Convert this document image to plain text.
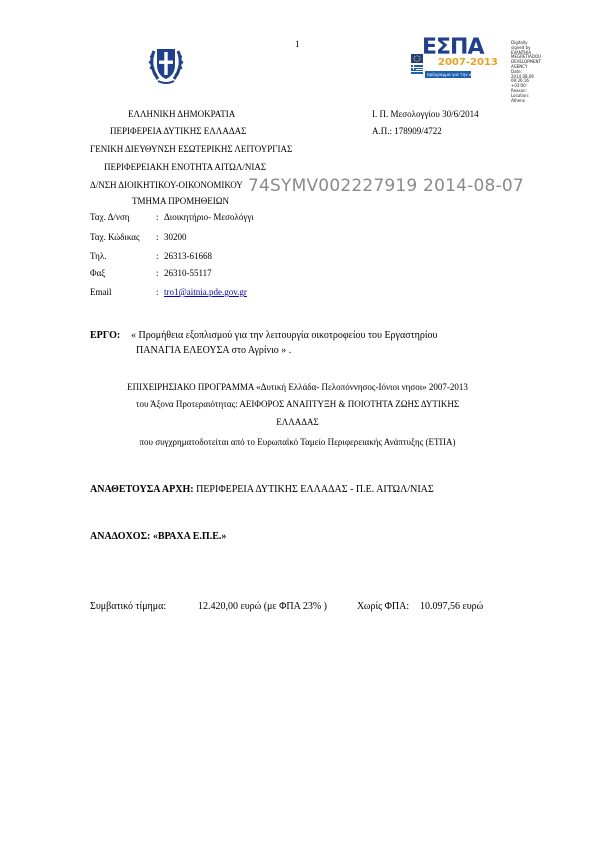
1	ΕΣΠΑ
2007-2013
πρόγραμμα για την ανάπτυξη
Digitally signed by
EVANTHIA MEGRETIADOU DEVELOPMENT AGENCY
Date: 2014.08.06 09:26:16 +03'00'
Reason:
Location: Athens
ΕΛΛΗΝΙΚΗ ΔΗΜΟΚΡΑΤΙΑ
ΠΕΡΙΦΕΡΕΙΑ ΔΥΤΙΚΗΣ ΕΛΛΑΔΑΣ
ΓΕΝΙΚΗ ΔΙΕΥΘΥΝΣΗ ΕΣΩΤΕΡΙΚΗΣ ΛΕΙΤΟΥΡΓΙΑΣ
ΠΕΡΙΦΕΡΕΙΑΚΗ ΕΝΟΤΗΤΑ ΑΙΤΩΛ/ΝΙΑΣ
Δ/ΝΣΗ ΔΙΟΙΚΗΤΙΚΟΥ-ΟΙΚΟΝΟΜΙΚΟΥ
ΤΜΗΜΑ ΠΡΟΜΗΘΕΙΩΝ
Ι. Π. Μεσολογγίου 30/6/2014
Α.Π.: 178909/4722
74SYMV002227919 2014-08-07
Ταχ. Δ/νση	: Διοικητήριο- Μεσολόγγι
Ταχ. Κώδικας : 30200
Τηλ.	: 26313-61668
Φαξ	: 26310-55117
Email	: tro1@aitnia.pde.gov.gr
ΕΡΓΟ: « Προμήθεια εξοπλισμού για την λειτουργία οικοτροφείου του Εργαστηρίου
ΠΑΝΑΓΙΑ ΕΛΕΟΥΣΑ στο Αγρίνιο » .
ΕΠΙΧΕΙΡΗΣΙΑΚΟ ΠΡΟΓΡΑΜΜΑ «Δυτική Ελλάδα- Πελοπόννησος-Ιόνιοι νησοι» 2007-2013
του Άξονα Προτεραιότητας: ΑΕΙΦΟΡΟΣ ΑΝΑΠΤΥΞΗ & ΠΟΙΟΤΗΤΑ ΖΩΗΣ ΔΥΤΙΚΗΣ
ΕΛΛΑΔΑΣ
που συγχρηματοδοτείται από το Ευρωπαϊκό Ταμείο Περιφερειακής Ανάπτυξης (ΕΤΠΑ)
ΑΝΑΘΕΤΟΥΣΑ ΑΡΧΗ: ΠΕΡΙΦΕΡΕΙΑ ΔΥΤΙΚΗΣ ΕΛΛΑΔΑΣ - Π.Ε. ΑΙΤΩΛ/ΝΙΑΣ
ΑΝΑΔΟΧΟΣ: «ΒΡΑΧΑ Ε.Π.Ε.»
Συμβατικό τίμημα:	12.420,00 ευρώ (με ΦΠΑ 23% )	Χωρίς ΦΠΑ: 10.097,56 ευρώ
